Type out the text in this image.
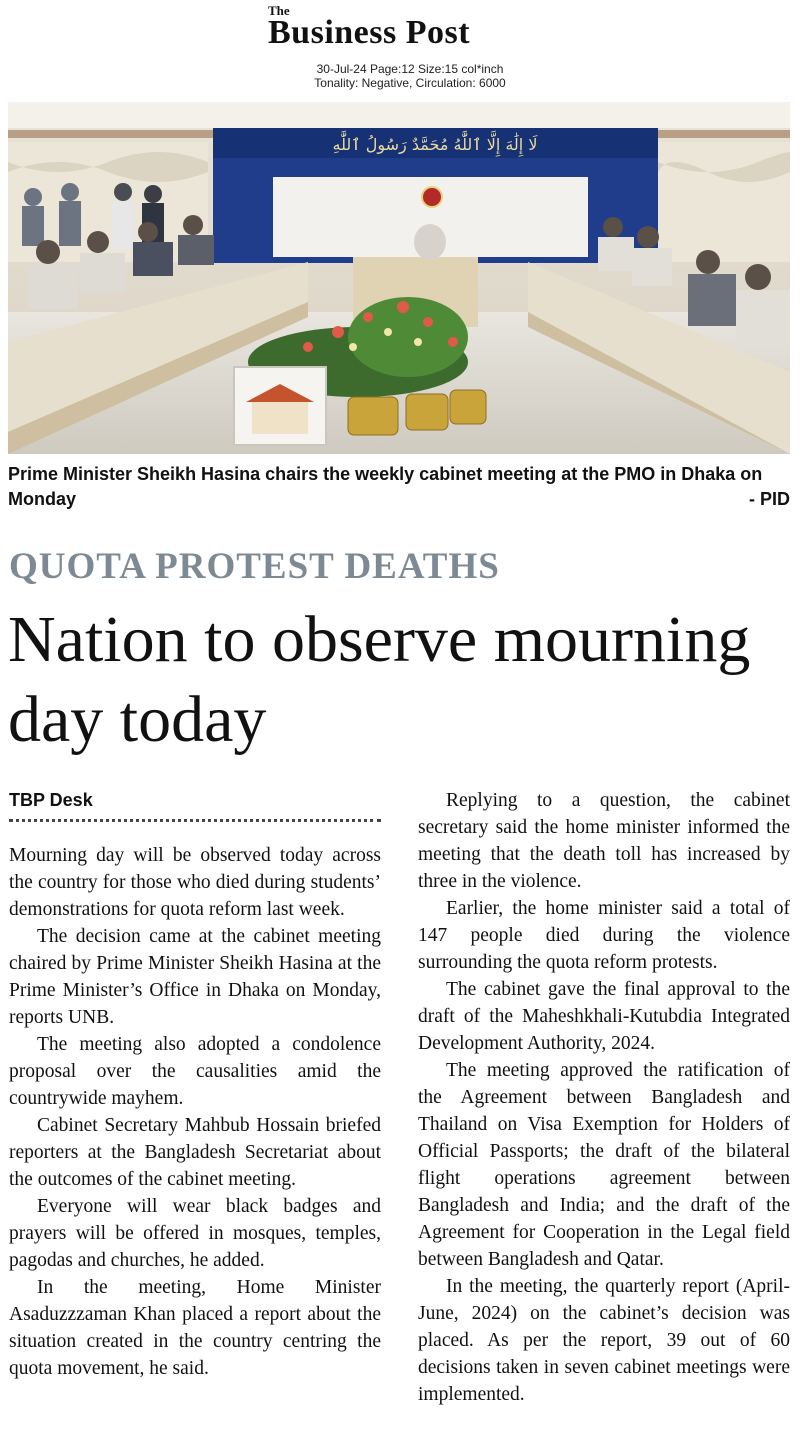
The
Business Post
30-Jul-24 Page:12 Size:15 col*inch
Tonality: Negative, Circulation: 6000
لَا إِلَٰهَ إِلَّا ٱللَّٰهُ مُحَمَّدٌ رَسُولُ ٱللَّٰهِ
Prime Minister Sheikh Hasina chairs the weekly cabinet meeting at the PMO in Dhaka on Monday	- PID
QUOTA PROTEST DEATHS
Nation to observe mourning day today
TBP Desk

Mourning day will be observed today across the country for those who died during students’ demonstrations for quota reform last week.

The decision came at the cabinet meeting chaired by Prime Minister Sheikh Hasina at the Prime Minister’s Office in Dhaka on Monday, reports UNB.

The meeting also adopted a condolence proposal over the causalities amid the countrywide mayhem.

Cabinet Secretary Mahbub Hossain briefed reporters at the Bangladesh Secretariat about the outcomes of the cabinet meeting.

Everyone will wear black badges and prayers will be offered in mosques, temples, pagodas and churches, he added.

In the meeting, Home Minister Asaduzzzaman Khan placed a report about the situation created in the country centring the quota movement, he said.

Replying to a question, the cabinet secretary said the home minister informed the meeting that the death toll has increased by three in the violence.

Earlier, the home minister said a total of 147 people died during the violence surrounding the quota reform protests.

The cabinet gave the final approval to the draft of the Maheshkhali-Kutubdia Integrated Development Authority, 2024.

The meeting approved the ratification of the Agreement between Bangladesh and Thailand on Visa Exemption for Holders of Official Passports; the draft of the bilateral flight operations agreement between Bangladesh and India; and the draft of the Agreement for Cooperation in the Legal field between Bangladesh and Qatar.

In the meeting, the quarterly report (April-June, 2024) on the cabinet’s decision was placed. As per the report, 39 out of 60 decisions taken in seven cabinet meetings were implemented.
